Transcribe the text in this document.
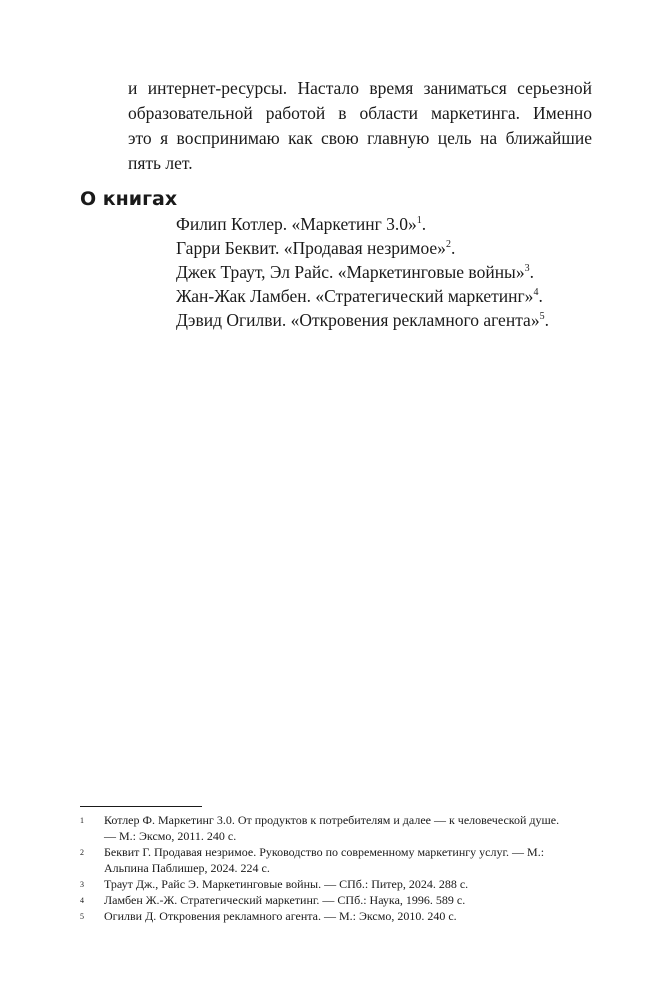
и интернет-ресурсы. Настало время заниматься серьезной
образовательной работой в области маркетинга. Именно
это я воспринимаю как свою главную цель на ближайшие
пять лет.

О книгах
Филип Котлер. «Маркетинг 3.0»$^1$.
Гарри Беквит. «Продавая незримое»$^2$.
Джек Траут, Эл Райс. «Маркетинговые войны»$^3$.
Жан-Жак Ламбен. «Стратегический маркетинг»$^4$.
Дэвид Огилви. «Откровения рекламного агента»$^5$.
1 Котлер Ф. Маркетинг 3.0. От продуктов к потребителям и далее — к человеческой душе. — М.: Эксмо, 2011. 240 с.
2 Беквит Г. Продавая незримое. Руководство по современному маркетингу услуг. — М.: Альпина Паблишер, 2024. 224 с.
3 Траут Дж., Райс Э. Маркетинговые войны. — СПб.: Питер, 2024. 288 с.
4 Ламбен Ж.-Ж. Стратегический маркетинг. — СПб.: Наука, 1996. 589 с.
5 Огилви Д. Откровения рекламного агента. — М.: Эксмо, 2010. 240 с.
